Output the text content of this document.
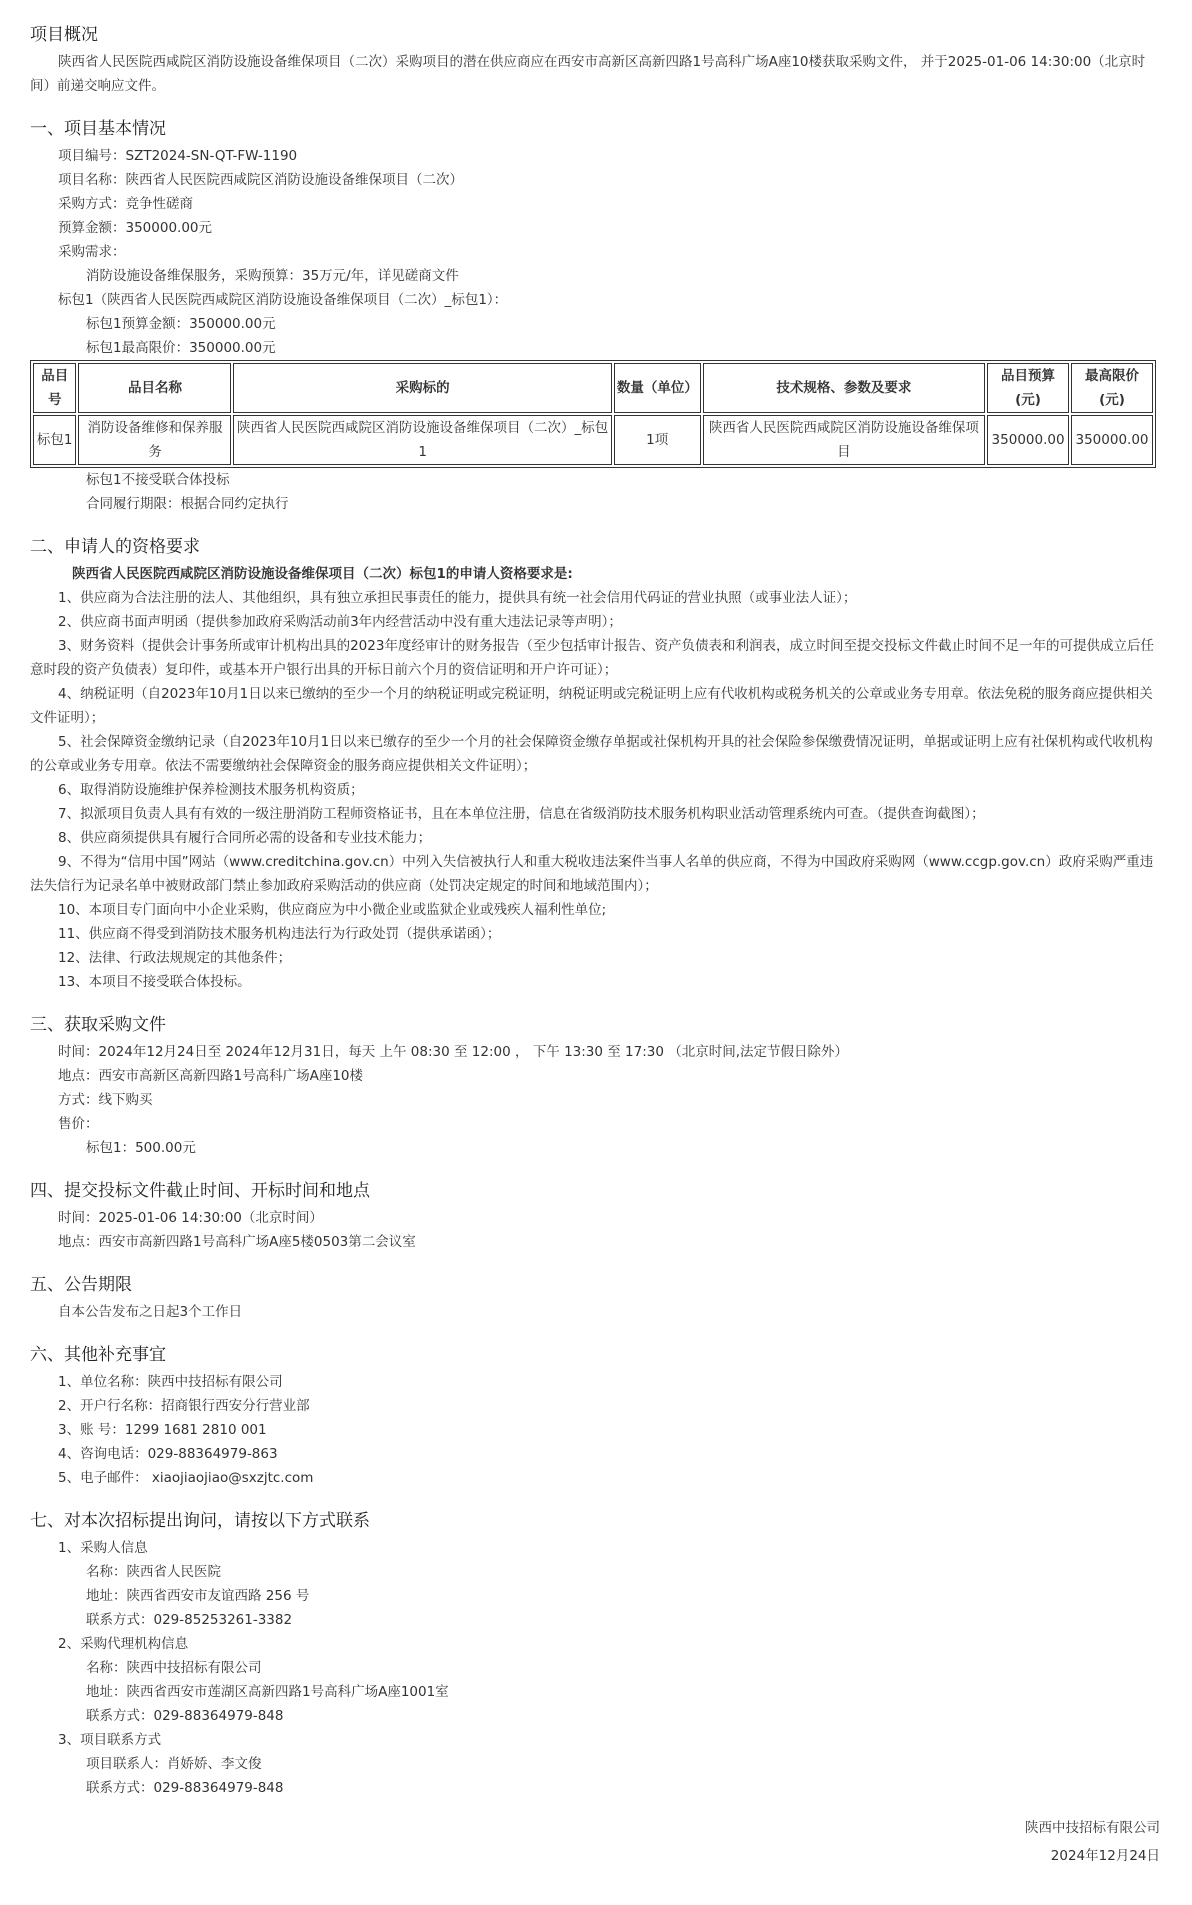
项目概况

陕西省人民医院西咸院区消防设施设备维保项目（二次）采购项目的潜在供应商应在西安市高新区高新四路1号高科广场A座10楼获取采购文件， 并于2025-01-06 14:30:00（北京时间）前递交响应文件。

一、项目基本情况

项目编号：SZT2024-SN-QT-FW-1190

项目名称：陕西省人民医院西咸院区消防设施设备维保项目（二次）

采购方式：竞争性磋商

预算金额：350000.00元

采购需求：

消防设施设备维保服务，采购预算：35万元/年，详见磋商文件

标包1（陕西省人民医院西咸院区消防设施设备维保项目（二次）_标包1）：

标包1预算金额：350000.00元

标包1最高限价：350000.00元

品目号	品目名称	采购标的	数量（单位）	技术规格、参数及要求	品目预算(元)	最高限价(元)
标包1	消防设备维修和保养服务	陕西省人民医院西咸院区消防设施设备维保项目（二次）_标包1	1项	陕西省人民医院西咸院区消防设施设备维保项目	350000.00	350000.00

标包1不接受联合体投标

合同履行期限：根据合同约定执行

二、申请人的资格要求

陕西省人民医院西咸院区消防设施设备维保项目（二次）标包1的申请人资格要求是:

1、供应商为合法注册的法人、其他组织，具有独立承担民事责任的能力，提供具有统一社会信用代码证的营业执照（或事业法人证）；

2、供应商书面声明函（提供参加政府采购活动前3年内经营活动中没有重大违法记录等声明）；

3、财务资料（提供会计事务所或审计机构出具的2023年度经审计的财务报告（至少包括审计报告、资产负债表和利润表，成立时间至提交投标文件截止时间不足一年的可提供成立后任意时段的资产负债表）复印件，或基本开户银行出具的开标日前六个月的资信证明和开户许可证）；

4、纳税证明（自2023年10月1日以来已缴纳的至少一个月的纳税证明或完税证明，纳税证明或完税证明上应有代收机构或税务机关的公章或业务专用章。依法免税的服务商应提供相关文件证明）；

5、社会保障资金缴纳记录（自2023年10月1日以来已缴存的至少一个月的社会保障资金缴存单据或社保机构开具的社会保险参保缴费情况证明，单据或证明上应有社保机构或代收机构的公章或业务专用章。依法不需要缴纳社会保障资金的服务商应提供相关文件证明）；

6、取得消防设施维护保养检测技术服务机构资质；

7、拟派项目负责人具有有效的一级注册消防工程师资格证书，且在本单位注册，信息在省级消防技术服务机构职业活动管理系统内可查。（提供查询截图）；

8、供应商须提供具有履行合同所必需的设备和专业技术能力；

9、不得为“信用中国”网站（www.creditchina.gov.cn）中列入失信被执行人和重大税收违法案件当事人名单的供应商，不得为中国政府采购网（www.ccgp.gov.cn）政府采购严重违法失信行为记录名单中被财政部门禁止参加政府采购活动的供应商（处罚决定规定的时间和地域范围内）；

10、本项目专门面向中小企业采购，供应商应为中小微企业或监狱企业或残疾人福利性单位;

11、供应商不得受到消防技术服务机构违法行为行政处罚（提供承诺函）；

12、法律、行政法规规定的其他条件；

13、本项目不接受联合体投标。

三、获取采购文件

时间：2024年12月24日至 2024年12月31日，每天 上午 08:30 至 12:00 ， 下午 13:30 至 17:30 （北京时间,法定节假日除外）

地点：西安市高新区高新四路1号高科广场A座10楼

方式：线下购买

售价：

标包1：500.00元

四、提交投标文件截止时间、开标时间和地点

时间：2025-01-06 14:30:00（北京时间）

地点：西安市高新四路1号高科广场A座5楼0503第二会议室

五、公告期限

自本公告发布之日起3个工作日

六、其他补充事宜

1、单位名称：陕西中技招标有限公司

2、开户行名称：招商银行西安分行营业部

3、账 号：1299 1681 2810 001

4、咨询电话：029-88364979-863

5、电子邮件： xiaojiaojiao@sxzjtc.com

七、对本次招标提出询问，请按以下方式联系

1、采购人信息

名称：陕西省人民医院

地址：陕西省西安市友谊西路 256 号

联系方式：029-85253261-3382

2、采购代理机构信息

名称：陕西中技招标有限公司

地址：陕西省西安市莲湖区高新四路1号高科广场A座1001室

联系方式：029-88364979-848

3、项目联系方式

项目联系人：肖娇娇、李文俊

联系方式：029-88364979-848

陕西中技招标有限公司
2024年12月24日
